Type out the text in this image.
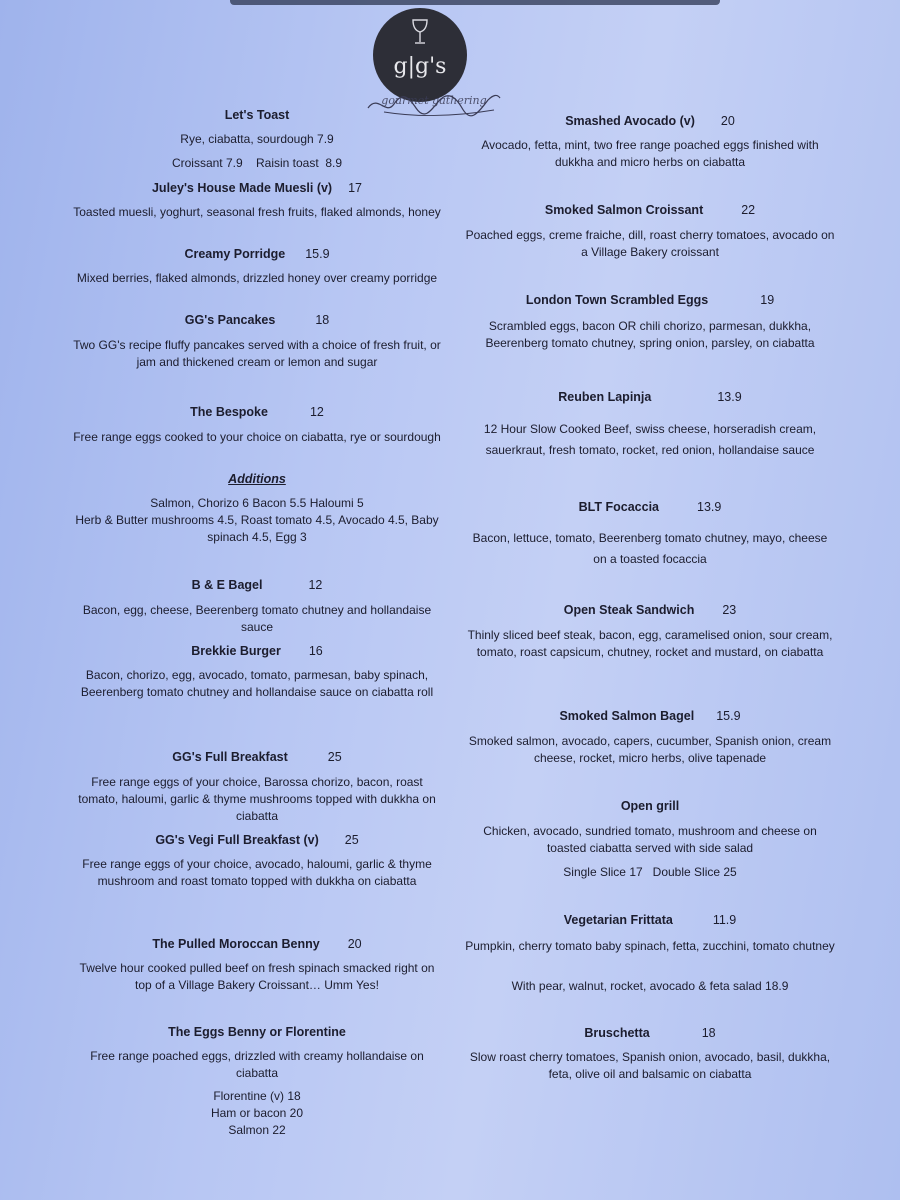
g|g's
gourmet gathering
Let's Toast
Rye, ciabatta, sourdough 7.9
Croissant 7.9    Raisin toast  8.9
Juley's House Made Muesli (v) 17
Toasted muesli, yoghurt, seasonal fresh fruits, flaked almonds, honey
Creamy Porridge 15.9
Mixed berries, flaked almonds, drizzled honey over creamy porridge
GG's Pancakes	18
Two GG's recipe fluffy pancakes served with a choice of fresh fruit, or jam and thickened cream or lemon and sugar
The Bespoke	12
Free range eggs cooked to your choice on ciabatta, rye or sourdough
Additions
Salmon, Chorizo 6 Bacon 5.5 Haloumi 5
Herb & Butter mushrooms 4.5, Roast tomato 4.5, Avocado 4.5, Baby spinach 4.5, Egg 3
B & E Bagel	12
Bacon, egg, cheese, Beerenberg tomato chutney and hollandaise sauce
Brekkie Burger 16
Bacon, chorizo, egg, avocado, tomato, parmesan, baby spinach, Beerenberg tomato chutney and hollandaise sauce on ciabatta roll
GG's Full Breakfast	25
Free range eggs of your choice, Barossa chorizo, bacon, roast tomato, haloumi, garlic & thyme mushrooms topped with dukkha on ciabatta
GG's Vegi Full Breakfast (v) 25
Free range eggs of your choice, avocado, haloumi, garlic & thyme mushroom and roast tomato topped with dukkha on ciabatta
The Pulled Moroccan Benny 20
Twelve hour cooked pulled beef on fresh spinach smacked right on top of a Village Bakery Croissant… Umm Yes!
The Eggs Benny or Florentine
Free range poached eggs, drizzled with creamy hollandaise on ciabatta
Florentine (v) 18
Ham or bacon 20
Salmon 22
Smashed Avocado (v) 20
Avocado, fetta, mint, two free range poached eggs finished with dukkha and micro herbs on ciabatta
Smoked Salmon Croissant	22
Poached eggs, creme fraiche, dill, roast cherry tomatoes, avocado on a Village Bakery croissant
London Town Scrambled Eggs	19
Scrambled eggs, bacon OR chili chorizo, parmesan, dukkha, Beerenberg tomato chutney, spring onion, parsley, on ciabatta
Reuben Lapinja	13.9
12 Hour Slow Cooked Beef, swiss cheese, horseradish cream, sauerkraut, fresh tomato, rocket, red onion, hollandaise sauce
BLT Focaccia	13.9
Bacon, lettuce, tomato, Beerenberg tomato chutney, mayo, cheese on a toasted focaccia
Open Steak Sandwich 23
Thinly sliced beef steak, bacon, egg, caramelised onion, sour cream, tomato, roast capsicum, chutney, rocket and mustard, on ciabatta
Smoked Salmon Bagel 15.9
Smoked salmon, avocado, capers, cucumber, Spanish onion, cream cheese, rocket, micro herbs, olive tapenade
Open grill
Chicken, avocado, sundried tomato, mushroom and cheese on toasted ciabatta served with side salad
Single Slice 17   Double Slice 25
Vegetarian Frittata	11.9
Pumpkin, cherry tomato baby spinach, fetta, zucchini, tomato chutney
With pear, walnut, rocket, avocado & feta salad 18.9
Bruschetta	18
Slow roast cherry tomatoes, Spanish onion, avocado, basil, dukkha, feta, olive oil and balsamic on ciabatta
